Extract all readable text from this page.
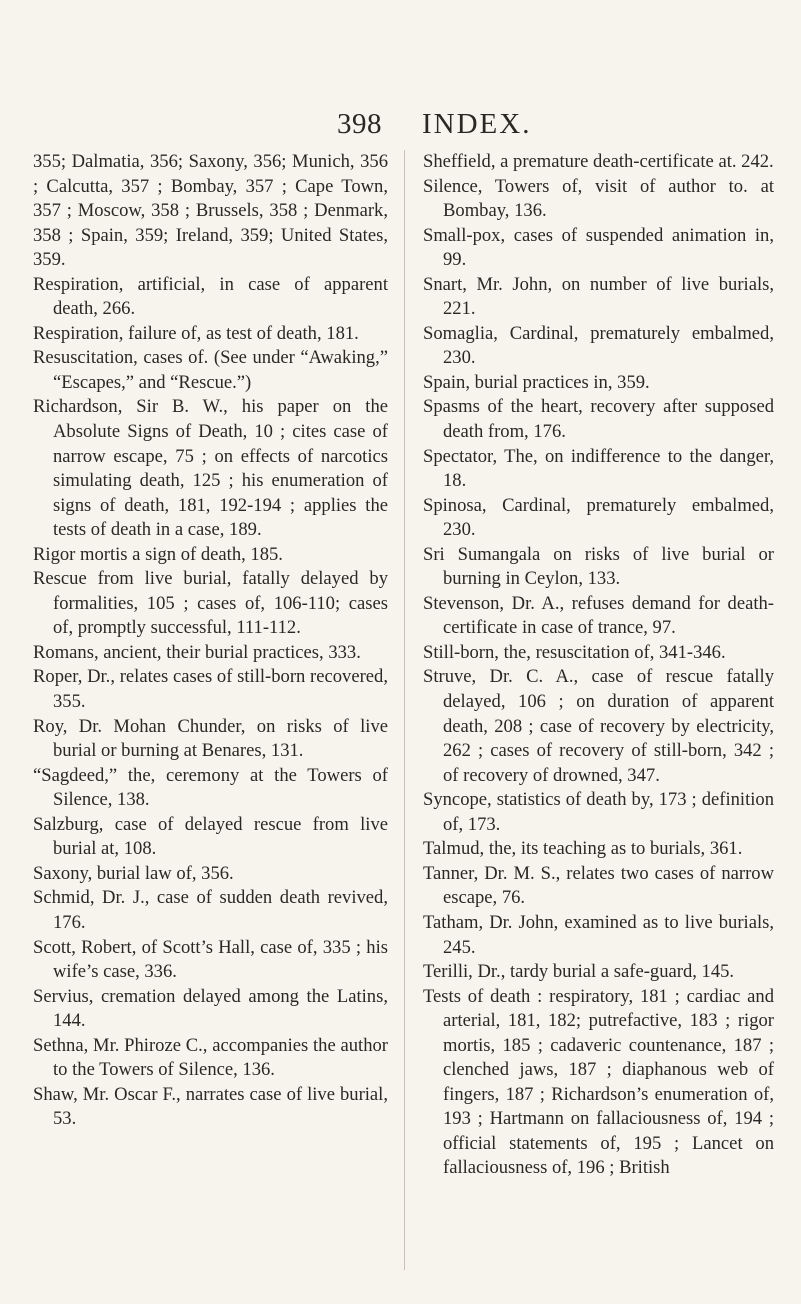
398 INDEX.

355; Dalmatia, 356; Saxony, 356; Munich, 356 ; Calcutta, 357 ; Bombay, 357 ; Cape Town, 357 ; Moscow, 358 ; Brussels, 358 ; Denmark, 358 ; Spain, 359; Ireland, 359; United States, 359.

Respiration, artificial, in case of apparent death, 266.

Respiration, failure of, as test of death, 181.

Resuscitation, cases of. (See under “Awaking,” “Escapes,” and “Rescue.”)

Richardson, Sir B. W., his paper on the Absolute Signs of Death, 10 ; cites case of narrow escape, 75 ; on effects of narcotics simulating death, 125 ; his enumeration of signs of death, 181, 192-194 ; applies the tests of death in a case, 189.

Rigor mortis a sign of death, 185.

Rescue from live burial, fatally delayed by formalities, 105 ; cases of, 106-110; cases of, promptly successful, 111-112.

Romans, ancient, their burial practices, 333.

Roper, Dr., relates cases of still-born recovered, 355.

Roy, Dr. Mohan Chunder, on risks of live burial or burning at Benares, 131.

“Sagdeed,” the, ceremony at the Towers of Silence, 138.

Salzburg, case of delayed rescue from live burial at, 108.

Saxony, burial law of, 356.

Schmid, Dr. J., case of sudden death revived, 176.

Scott, Robert, of Scott’s Hall, case of, 335 ; his wife’s case, 336.

Servius, cremation delayed among the Latins, 144.

Sethna, Mr. Phiroze C., accompanies the author to the Towers of Silence, 136.

Shaw, Mr. Oscar F., narrates case of live burial, 53.

Sheffield, a premature death-certificate at. 242.

Silence, Towers of, visit of author to. at Bombay, 136.

Small-pox, cases of suspended animation in, 99.

Snart, Mr. John, on number of live burials, 221.

Somaglia, Cardinal, prematurely embalmed, 230.

Spain, burial practices in, 359.

Spasms of the heart, recovery after supposed death from, 176.

Spectator, The, on indifference to the danger, 18.

Spinosa, Cardinal, prematurely embalmed, 230.

Sri Sumangala on risks of live burial or burning in Ceylon, 133.

Stevenson, Dr. A., refuses demand for death-certificate in case of trance, 97.

Still-born, the, resuscitation of, 341-346.

Struve, Dr. C. A., case of rescue fatally delayed, 106 ; on duration of apparent death, 208 ; case of recovery by electricity, 262 ; cases of recovery of still-born, 342 ; of recovery of drowned, 347.

Syncope, statistics of death by, 173 ; definition of, 173.

Talmud, the, its teaching as to burials, 361.

Tanner, Dr. M. S., relates two cases of narrow escape, 76.

Tatham, Dr. John, examined as to live burials, 245.

Terilli, Dr., tardy burial a safe-guard, 145.

Tests of death : respiratory, 181 ; cardiac and arterial, 181, 182; putrefactive, 183 ; rigor mortis, 185 ; cadaveric countenance, 187 ; clenched jaws, 187 ; diaphanous web of fingers, 187 ; Richardson’s enumeration of, 193 ; Hartmann on fallaciousness of, 194 ; official statements of, 195 ; Lancet on fallaciousness of, 196 ; British
